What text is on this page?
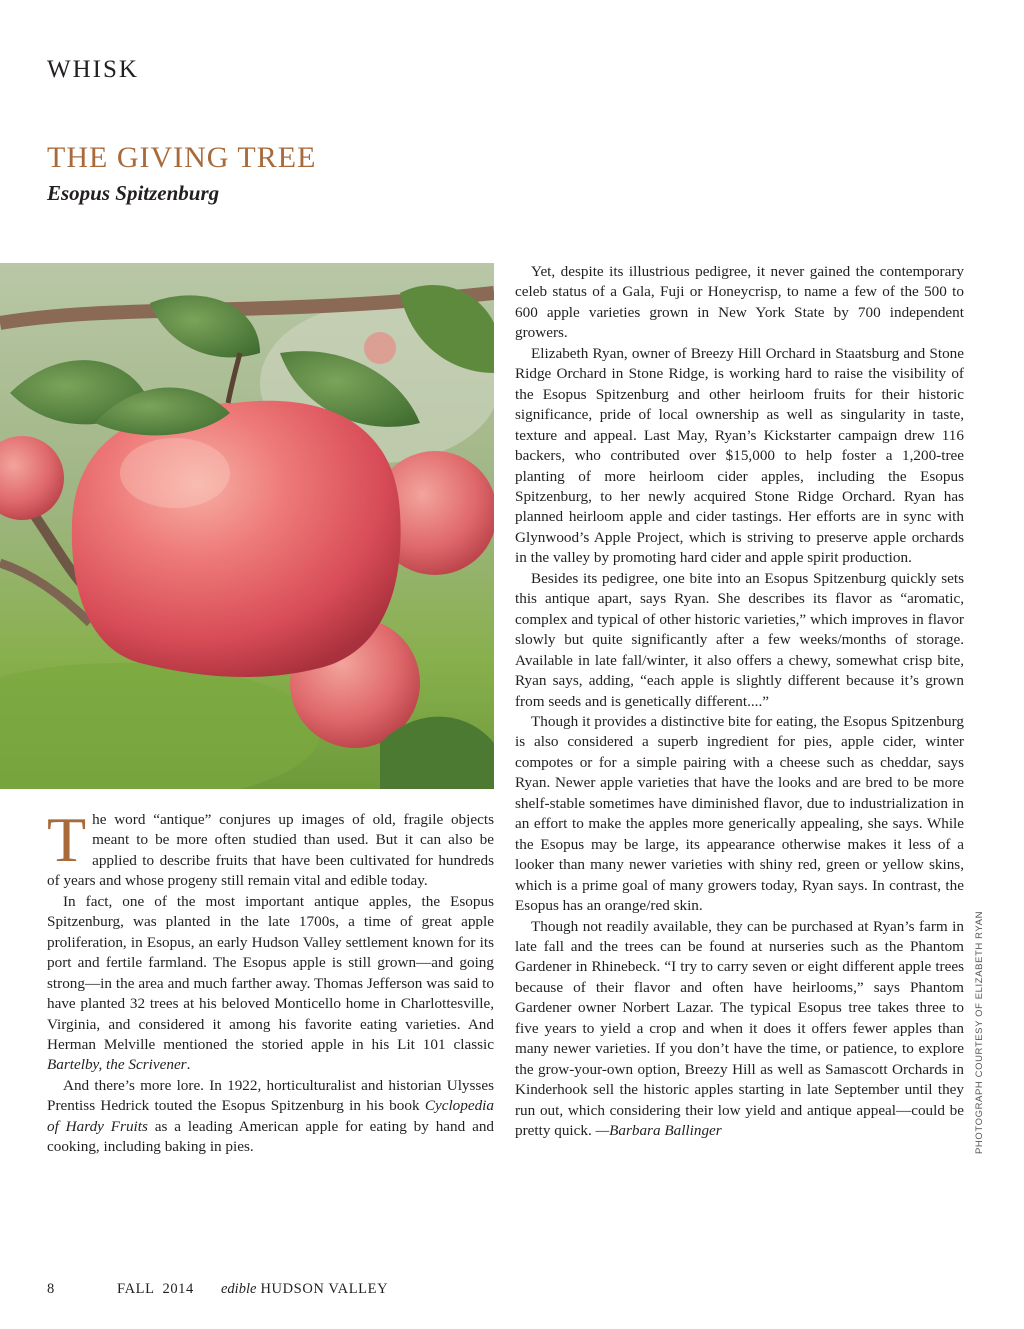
WHISK
THE GIVING TREE
Esopus Spitzenburg

The word “antique” conjures up images of old, fragile objects meant to be more often studied than used. But it can also be applied to describe fruits that have been cultivated for hundreds of years and whose progeny still remain vital and edible today.

In fact, one of the most important antique apples, the Esopus Spitzenburg, was planted in the late 1700s, a time of great apple proliferation, in Esopus, an early Hudson Valley settlement known for its port and fertile farmland. The Esopus apple is still grown—and going strong—in the area and much farther away. Thomas Jefferson was said to have planted 32 trees at his beloved Monticello home in Charlottesville, Virginia, and considered it among his favorite eating varieties. And Herman Melville mentioned the storied apple in his Lit 101 classic Bartelby, the Scrivener.

And there’s more lore. In 1922, horticulturalist and historian Ulysses Prentiss Hedrick touted the Esopus Spitzenburg in his book Cyclopedia of Hardy Fruits as a leading American apple for eating by hand and cooking, including baking in pies.

Yet, despite its illustrious pedigree, it never gained the contemporary celeb status of a Gala, Fuji or Honeycrisp, to name a few of the 500 to 600 apple varieties grown in New York State by 700 independent growers.

Elizabeth Ryan, owner of Breezy Hill Orchard in Staatsburg and Stone Ridge Orchard in Stone Ridge, is working hard to raise the visibility of the Esopus Spitzenburg and other heirloom fruits for their historic significance, pride of local ownership as well as singularity in taste, texture and appeal. Last May, Ryan’s Kickstarter campaign drew 116 backers, who contributed over $15,000 to help foster a 1,200-tree planting of more heirloom cider apples, including the Esopus Spitzenburg, to her newly acquired Stone Ridge Orchard. Ryan has planned heirloom apple and cider tastings. Her efforts are in sync with Glynwood’s Apple Project, which is striving to preserve apple orchards in the valley by promoting hard cider and apple spirit production.

Besides its pedigree, one bite into an Esopus Spitzenburg quickly sets this antique apart, says Ryan. She describes its flavor as “aromatic, complex and typical of other historic varieties,” which improves in flavor slowly but quite significantly after a few weeks/months of storage. Available in late fall/winter, it also offers a chewy, somewhat crisp bite, Ryan says, adding, “each apple is slightly different because it’s grown from seeds and is genetically different....”

Though it provides a distinctive bite for eating, the Esopus Spitzenburg is also considered a superb ingredient for pies, apple cider, winter compotes or for a simple pairing with a cheese such as cheddar, says Ryan. Newer apple varieties that have the looks and are bred to be more shelf-stable sometimes have diminished flavor, due to industrialization in an effort to make the apples more generically appealing, she says. While the Esopus may be large, its appearance otherwise makes it less of a looker than many newer varieties with shiny red, green or yellow skins, which is a prime goal of many growers today, Ryan says. In contrast, the Esopus has an orange/red skin.

Though not readily available, they can be purchased at Ryan’s farm in late fall and the trees can be found at nurseries such as the Phantom Gardener in Rhinebeck. “I try to carry seven or eight different apple trees because of their flavor and often have heirlooms,” says Phantom Gardener owner Norbert Lazar. The typical Esopus tree takes three to five years to yield a crop and when it does it offers fewer apples than many newer varieties. If you don’t have the time, or patience, to explore the grow-your-own option, Breezy Hill as well as Samascott Orchards in Kinderhook sell the historic apples starting in late September until they run out, which considering their low yield and antique appeal—could be pretty quick. —Barbara Ballinger	PHOTOGRAPH COURTESY OF ELIZABETH RYAN
8	FALL  2014	edible HUDSON VALLEY
